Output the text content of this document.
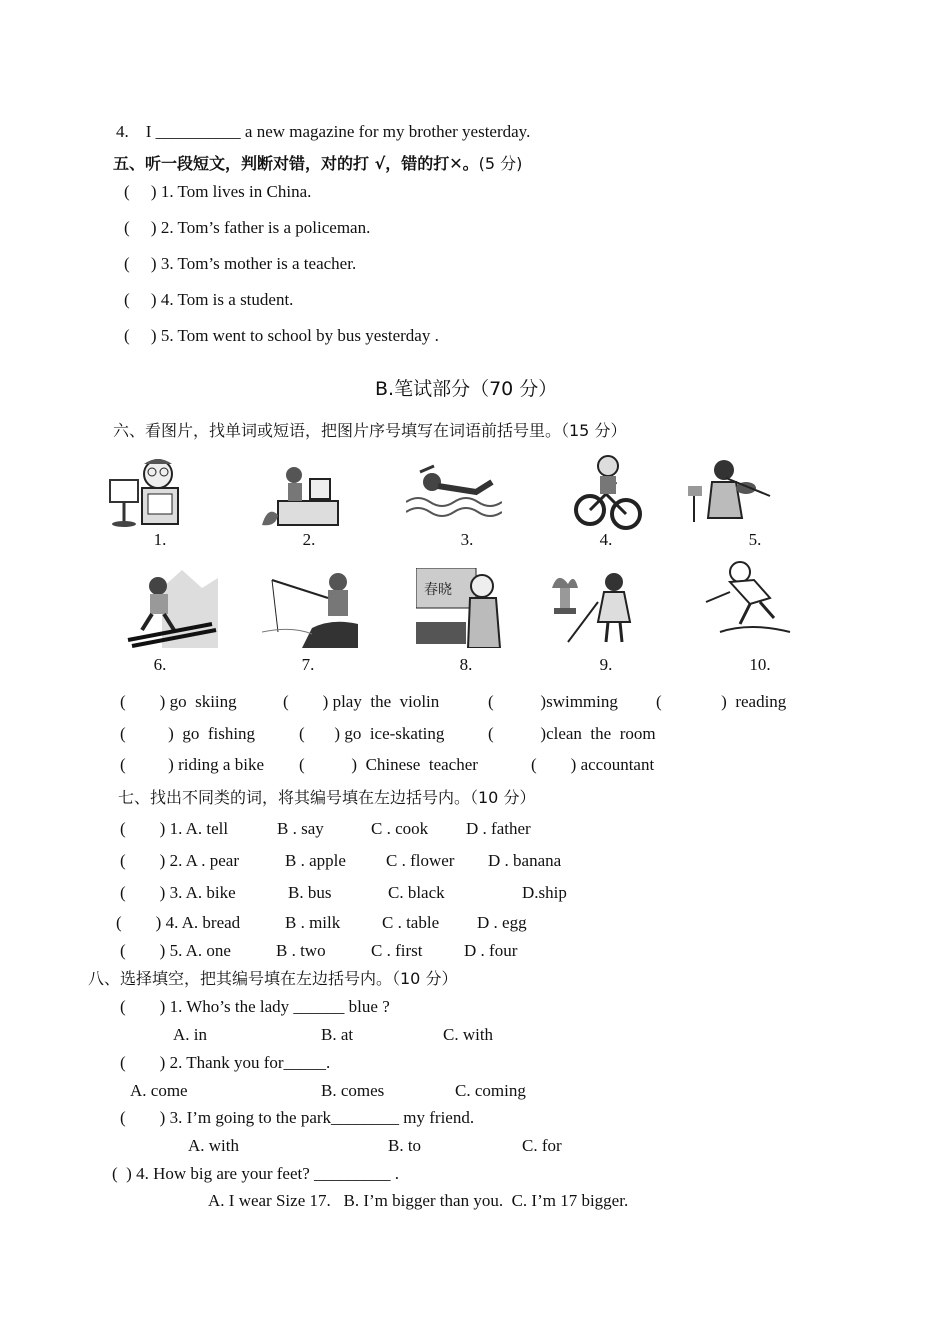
4.    I __________ a new magazine for my brother yesterday.
五、听一段短文，判断对错，对的打 √，错的打✕。(5 分)
(     ) 1. Tom lives in China.
(     ) 2. Tom’s father is a policeman.
(     ) 3. Tom’s mother is a teacher.
(     ) 4. Tom is a student.
(     ) 5. Tom went to school by bus yesterday .
B.笔试部分（70 分）
六、看图片，找单词或短语，把图片序号填写在词语前括号里。（15 分）
1.	2.	3.	4.	5.
春晓
6.	7.	8.	9.	10.
(        ) go  skiing	(        ) play  the  violin	(           )swimming (              )  reading
(          )  go  fishing	(       ) go  ice-skating	(           )clean  the  room
(          ) riding a bike (           )  Chinese  teacher	(        ) accountant
七、找出不同类的词，将其编号填在左边括号内。（10 分）
(        ) 1. A. tell	B . say	C . cook D . father
(        ) 2. A . pear	B . apple C . flower D . banana
(        ) 3. A. bike	B. bus	C. black	D.ship
(        ) 4. A. bread	B . milk C . table D . egg
(        ) 5. A. one	B . two	C . first D . four
八、选择填空，把其编号填在左边括号内。（10 分）
(        ) 1. Who’s the lady ______ blue ?
A. in	B. at	C. with
(        ) 2. Thank you for_____.
A. come	B. comes	C. coming
(        ) 3. I’m going to the park________ my friend.
A. with	B. to	C. for
(  ) 4. How big are your feet? _________ .
A. I wear Size 17.   B. I’m bigger than you.  C. I’m 17 bigger.
